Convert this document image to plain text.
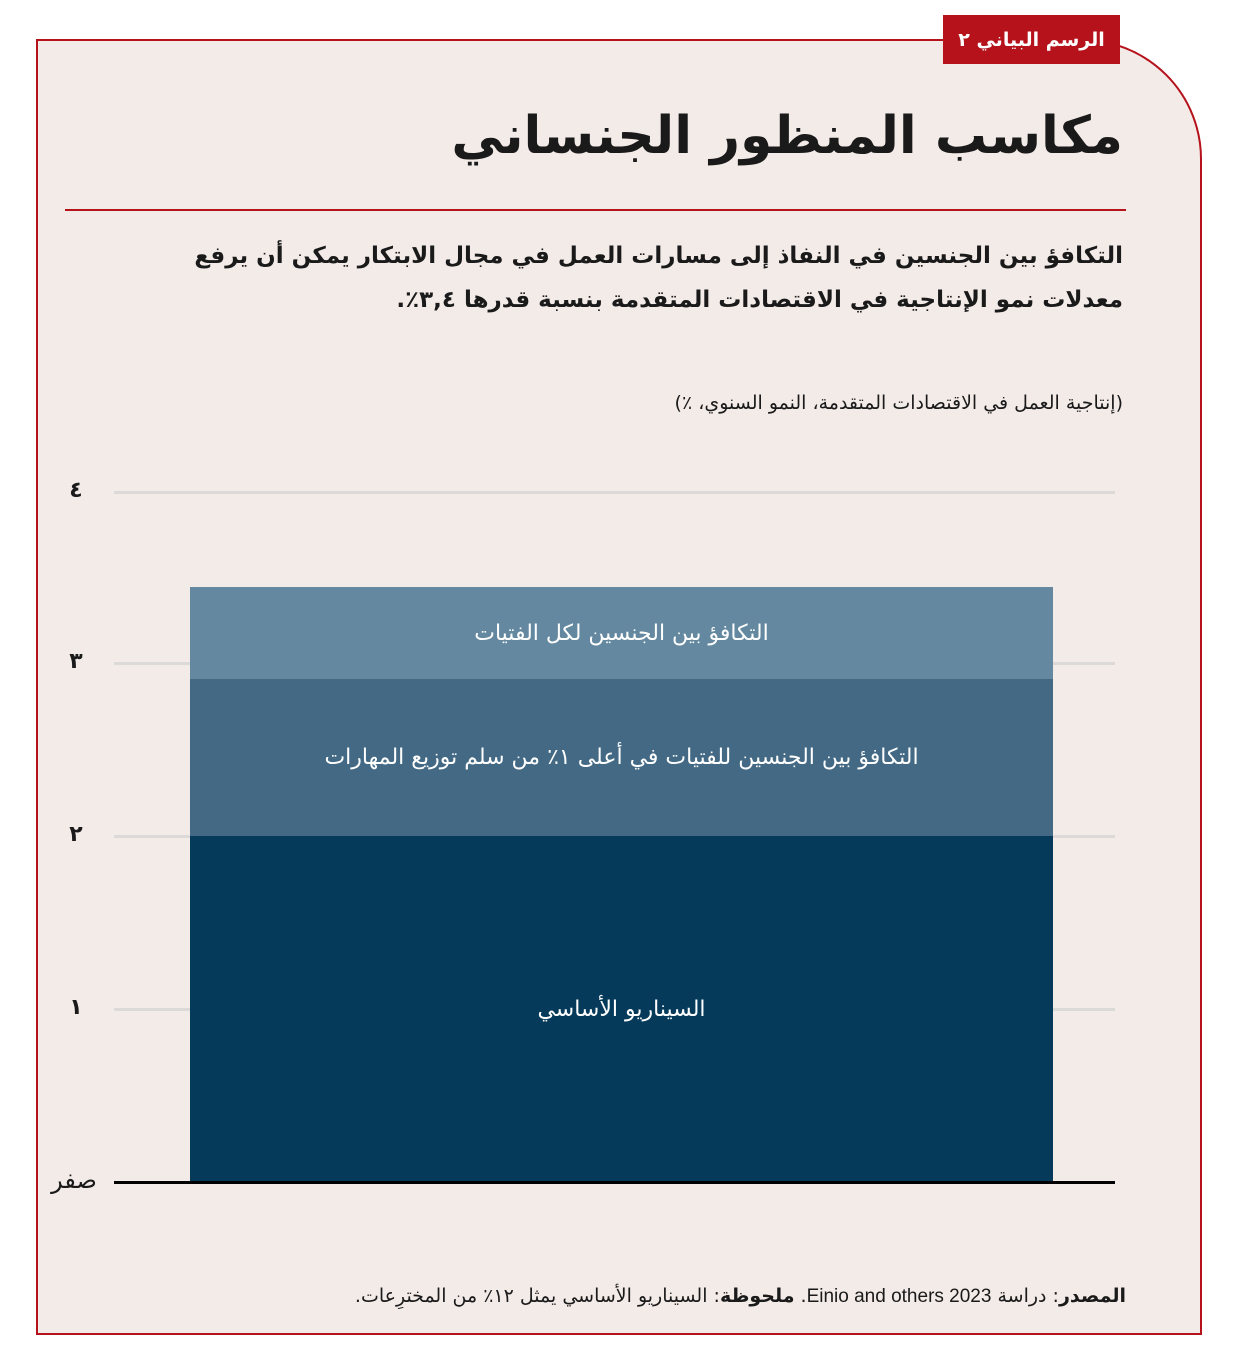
الرسم البياني ٢
مكاسب المنظور الجنساني
التكافؤ بين الجنسين في النفاذ إلى مسارات العمل في مجال الابتكار يمكن أن يرفع معدلات نمو الإنتاجية في الاقتصادات المتقدمة بنسبة قدرها ٣,٤٪.
(إنتاجية العمل في الاقتصادات المتقدمة، النمو السنوي، ٪)
٤
٣
٢
١
صفر
التكافؤ بين الجنسين لكل الفتيات
التكافؤ بين الجنسين للفتيات في أعلى ١٪ من سلم توزيع المهارات
السيناريو الأساسي
المصدر: دراسة Einio and others 2023. ملحوظة: السيناريو الأساسي يمثل ١٢٪ من المخترِعات.
